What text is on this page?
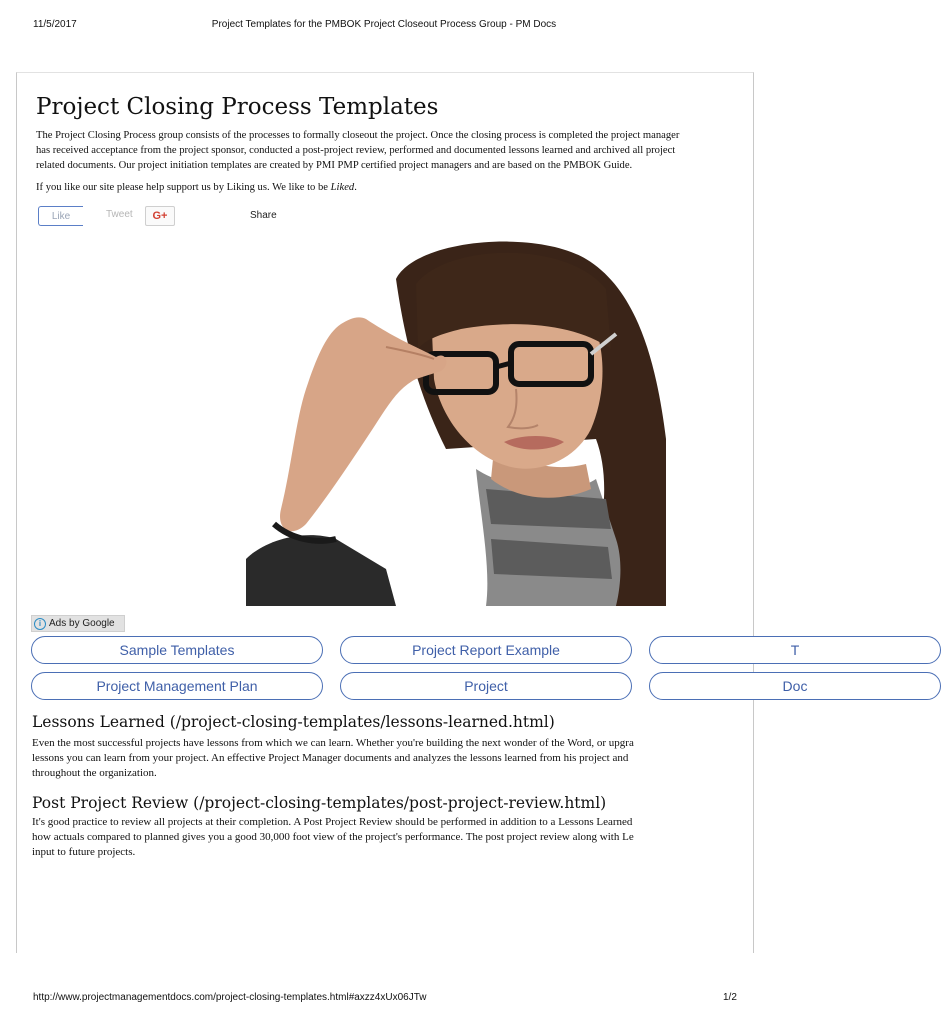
11/5/2017	Project Templates for the PMBOK Project Closeout Process Group - PM Docs
Project Closing Process Templates

The Project Closing Process group consists of the processes to formally closeout the project. Once the closing process is completed the project manager
has received acceptance from the project sponsor, conducted a post-project review, performed and documented lessons learned and archived all project
related documents. Our project initiation templates are created by PMI PMP certified project managers and are based on the PMBOK Guide.

If you like our site please help support us by Liking us. We like to be Liked.

Like	Tweet G+	Share
i Ads by Google
Sample Templates	Project Report Example	T
Project Management Plan	Project	Doc
Lessons Learned (/project-closing-templates/lessons-learned.html)

Even the most successful projects have lessons from which we can learn. Whether you're building the next wonder of the Word, or upgra
lessons you can learn from your project. An effective Project Manager documents and analyzes the lessons learned from his project and
throughout the organization.

Post Project Review (/project-closing-templates/post-project-review.html)

It's good practice to review all projects at their completion. A Post Project Review should be performed in addition to a Lessons Learned
how actuals compared to planned gives you a good 30,000 foot view of the project's performance. The post project review along with Le
input to future projects.

http://www.projectmanagementdocs.com/project-closing-templates.html#axzz4xUx06JTw	1/2
